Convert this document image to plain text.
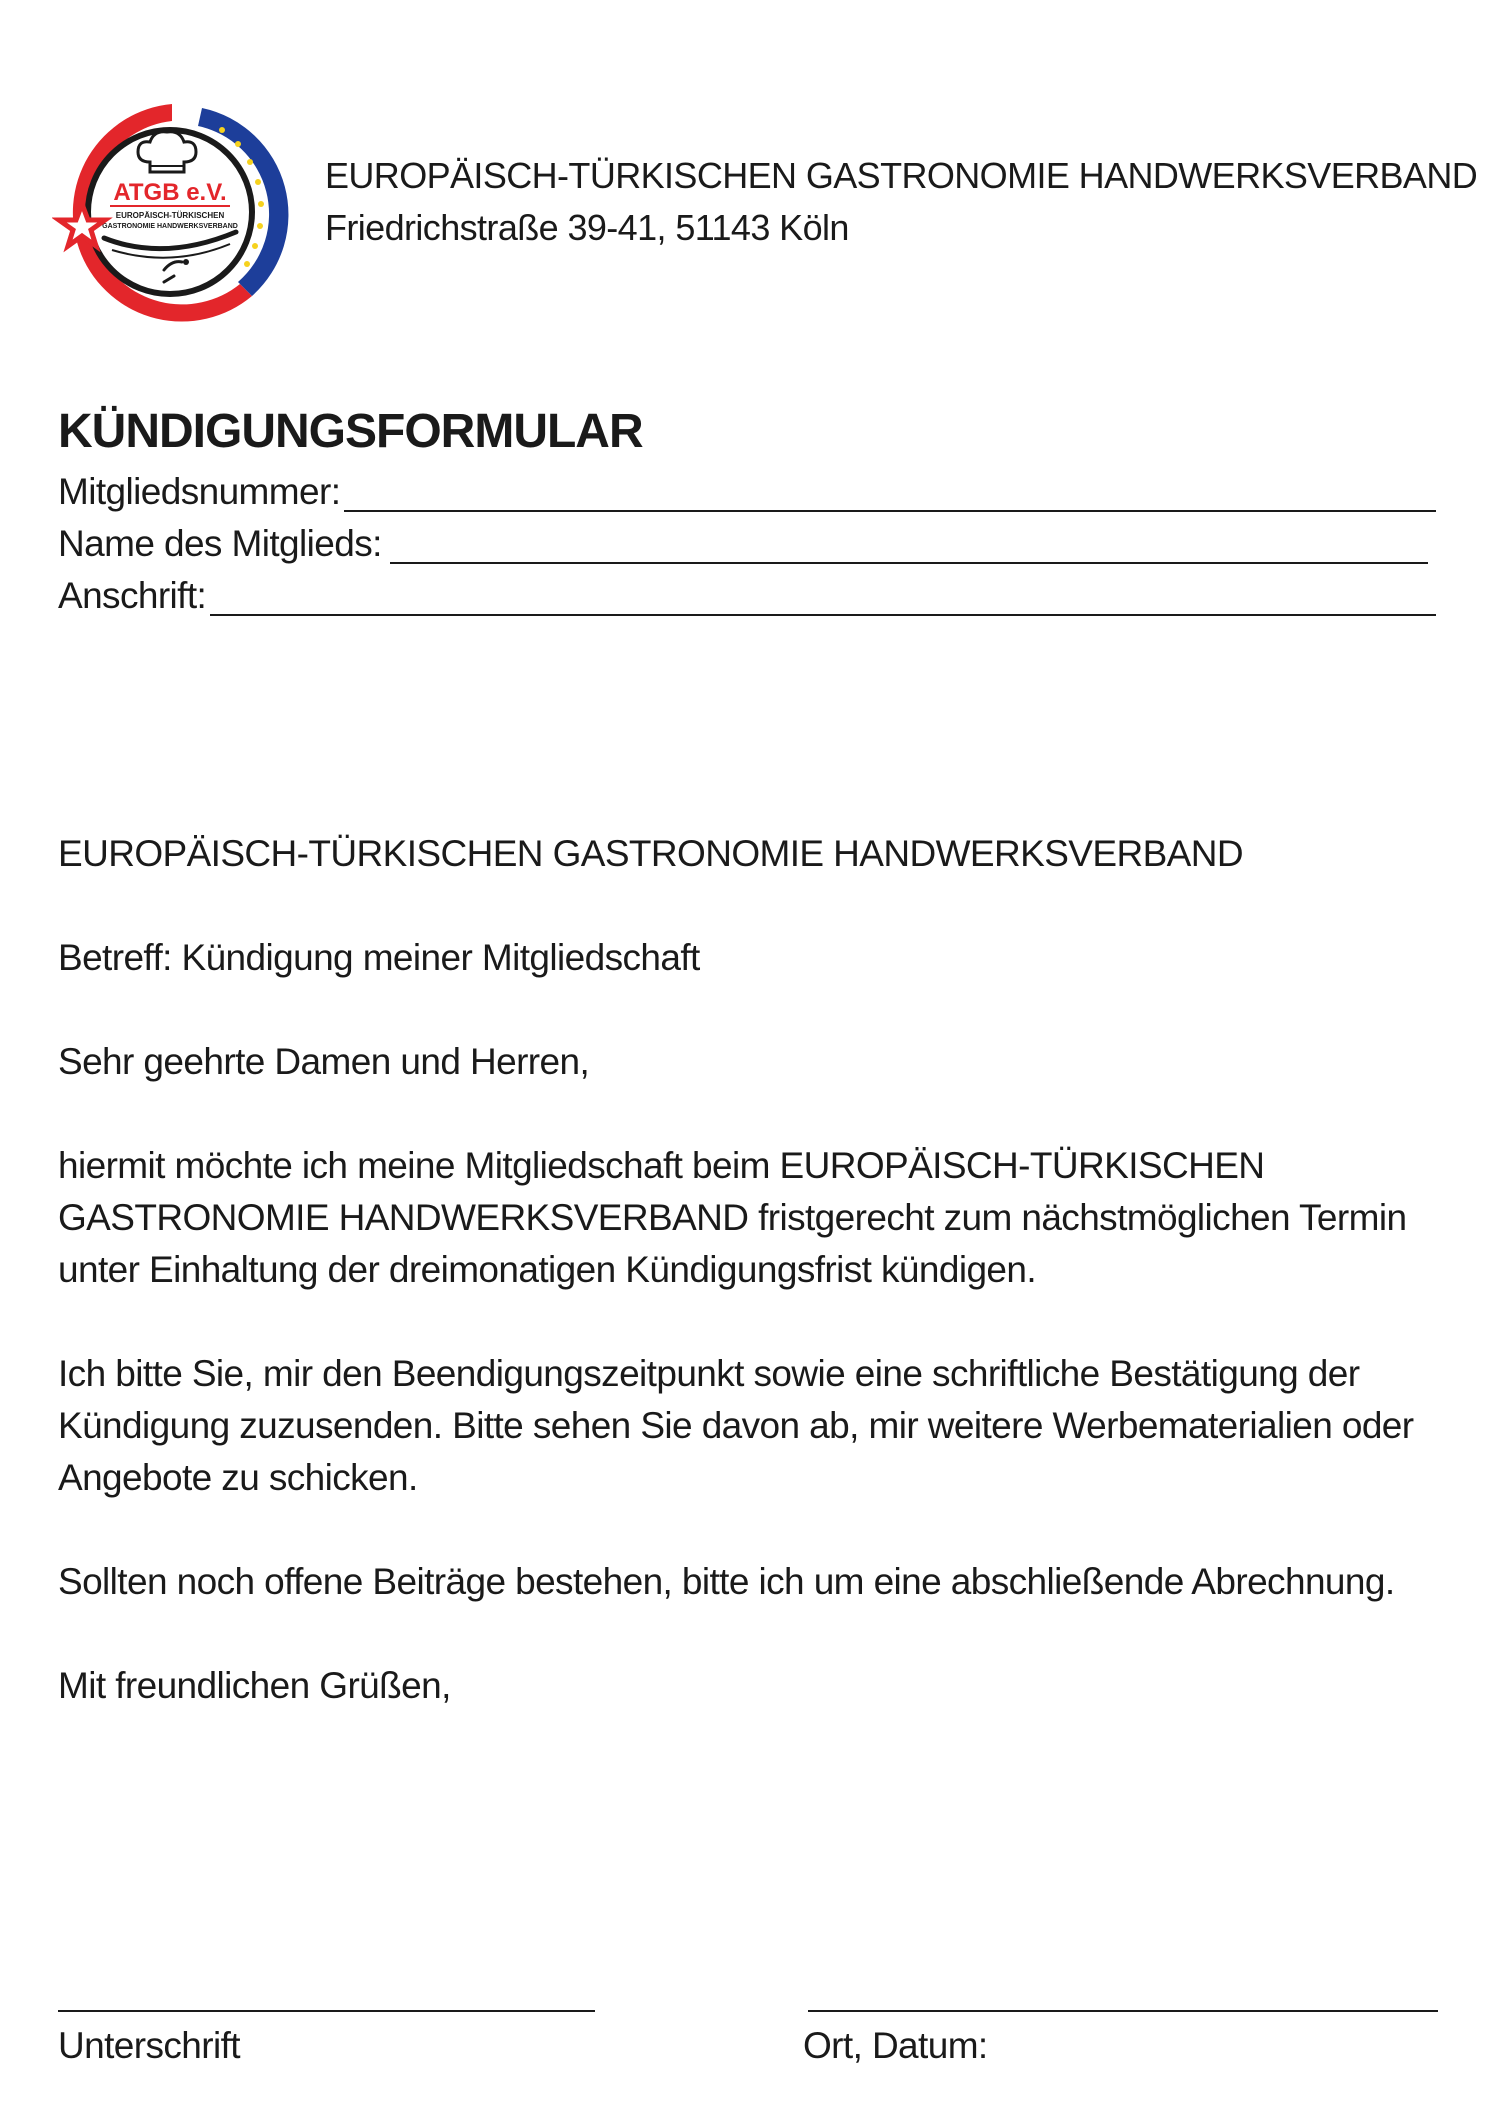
ATGB e.V.
EUROPÄISCH-TÜRKISCHEN
GASTRONOMIE HANDWERKSVERBAND
EUROPÄISCH-TÜRKISCHEN GASTRONOMIE HANDWERKSVERBAND
Friedrichstraße 39-41, 51143 Köln
KÜNDIGUNGSFORMULAR
Mitgliedsnummer:
Name des Mitglieds:
Anschrift:

EUROPÄISCH-TÜRKISCHEN GASTRONOMIE HANDWERKSVERBAND

Betreff: Kündigung meiner Mitgliedschaft

Sehr geehrte Damen und Herren,

hiermit möchte ich meine Mitgliedschaft beim EUROPÄISCH-TÜRKISCHEN GASTRONOMIE HANDWERKSVERBAND fristgerecht zum nächstmöglichen Termin unter Einhaltung der dreimonatigen Kündigungsfrist kündigen.

Ich bitte Sie, mir den Beendigungszeitpunkt sowie eine schriftliche Bestätigung der Kündigung zuzusenden. Bitte sehen Sie davon ab, mir weitere Werbematerialien oder Angebote zu schicken.

Sollten noch offene Beiträge bestehen, bitte ich um eine abschließende Abrechnung.

Mit freundlichen Grüßen,

Unterschrift	Ort, Datum:
